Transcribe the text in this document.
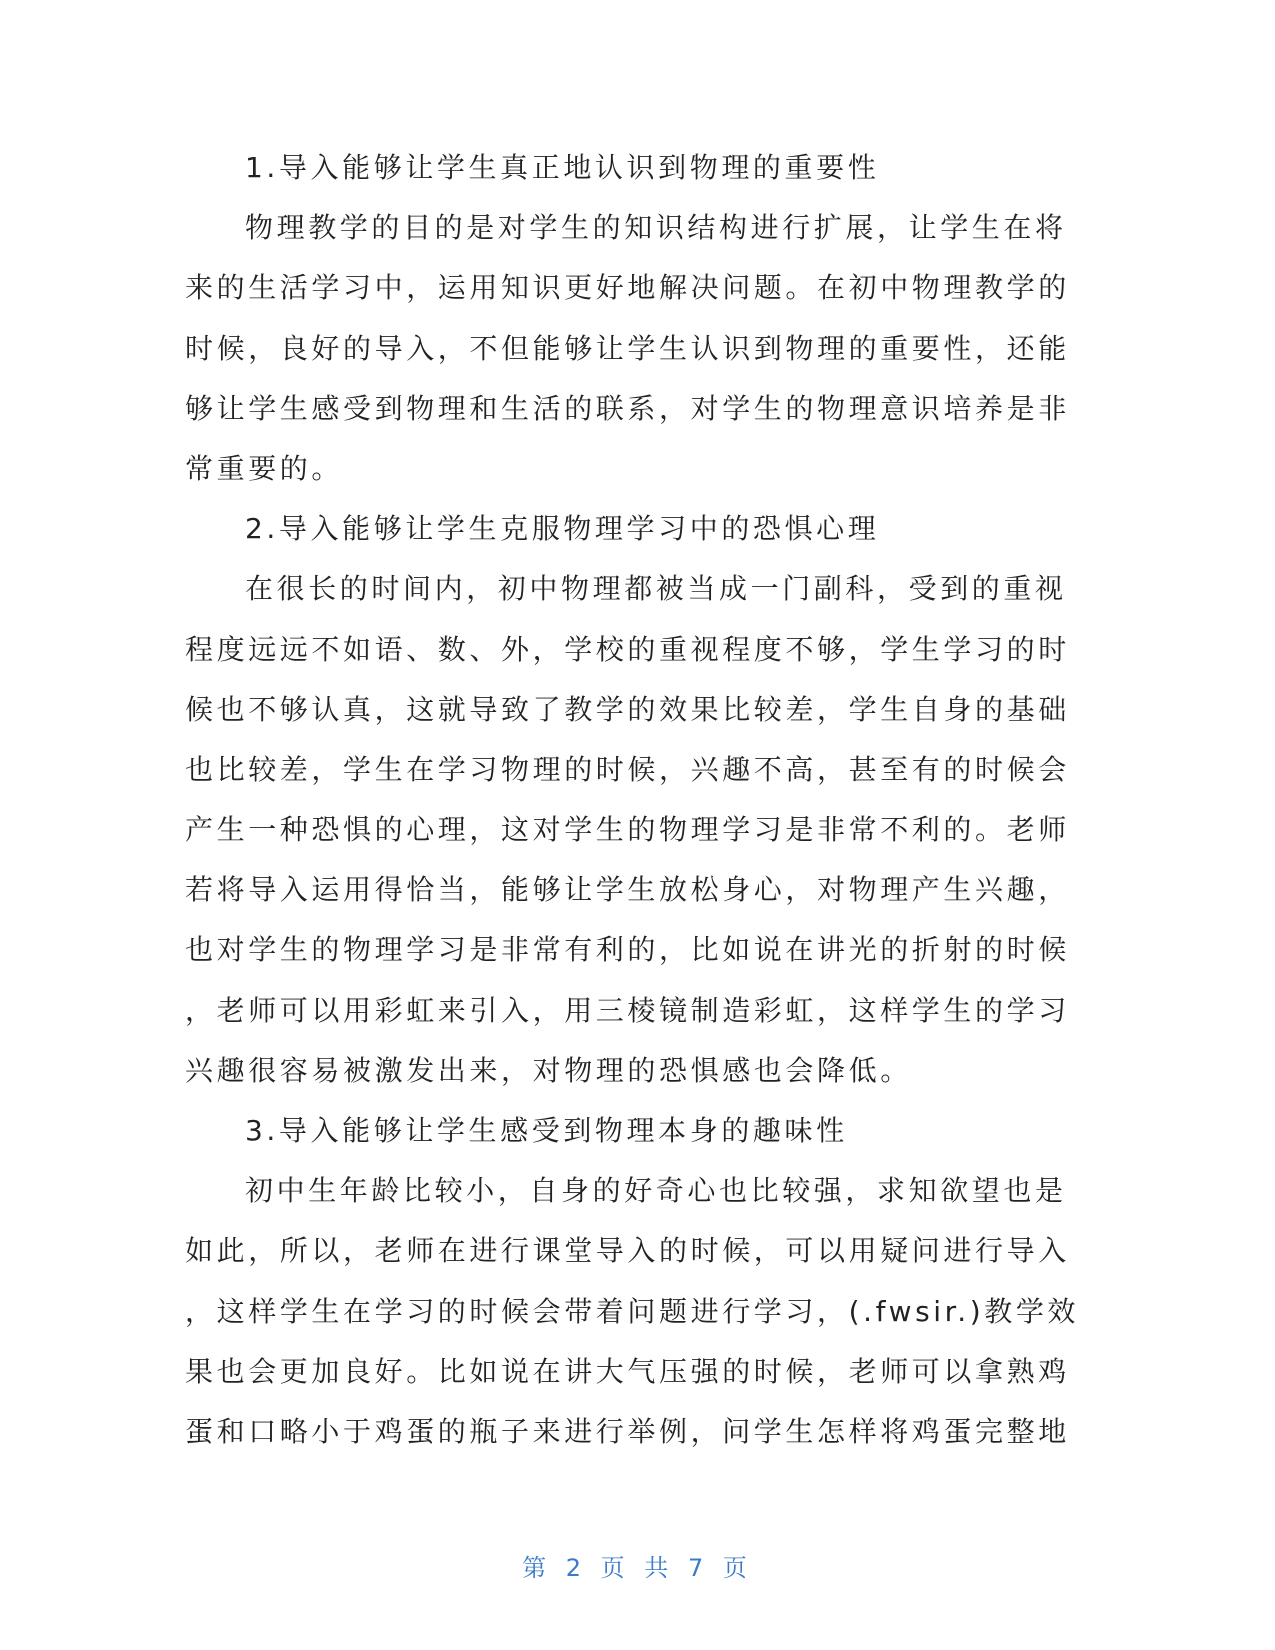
1.导入能够让学生真正地认识到物理的重要性
物理教学的目的是对学生的知识结构进行扩展，让学生在将
来的生活学习中，运用知识更好地解决问题。在初中物理教学的
时候，良好的导入，不但能够让学生认识到物理的重要性，还能
够让学生感受到物理和生活的联系，对学生的物理意识培养是非
常重要的。
2.导入能够让学生克服物理学习中的恐惧心理
在很长的时间内，初中物理都被当成一门副科，受到的重视
程度远远不如语、数、外，学校的重视程度不够，学生学习的时
候也不够认真，这就导致了教学的效果比较差，学生自身的基础
也比较差，学生在学习物理的时候，兴趣不高，甚至有的时候会
产生一种恐惧的心理，这对学生的物理学习是非常不利的。老师
若将导入运用得恰当，能够让学生放松身心，对物理产生兴趣，
也对学生的物理学习是非常有利的，比如说在讲光的折射的时候
，老师可以用彩虹来引入，用三棱镜制造彩虹，这样学生的学习
兴趣很容易被激发出来，对物理的恐惧感也会降低。
3.导入能够让学生感受到物理本身的趣味性
初中生年龄比较小，自身的好奇心也比较强，求知欲望也是
如此，所以，老师在进行课堂导入的时候，可以用疑问进行导入
，这样学生在学习的时候会带着问题进行学习，(.fwsir.)教学效
果也会更加良好。比如说在讲大气压强的时候，老师可以拿熟鸡
蛋和口略小于鸡蛋的瓶子来进行举例，问学生怎样将鸡蛋完整地
第 2 页 共 7 页
